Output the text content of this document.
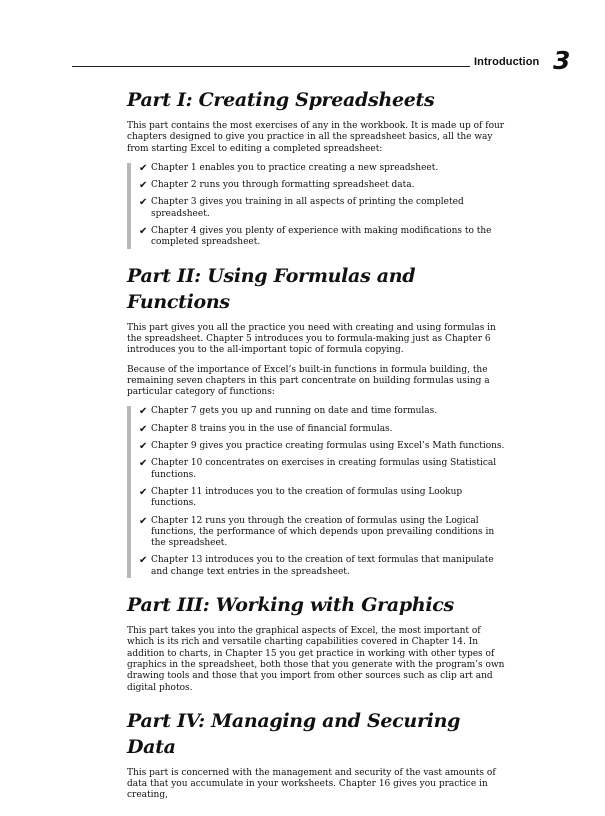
Introduction 3
Part I: Creating Spreadsheets

This part contains the most exercises of any in the workbook. It is made up of four chapters designed to give you practice in all the spreadsheet basics, all the way from starting Excel to editing a completed spreadsheet:

✔ Chapter 1 enables you to practice creating a new spreadsheet.
✔ Chapter 2 runs you through formatting spreadsheet data.
✔ Chapter 3 gives you training in all aspects of printing the completed spreadsheet.
✔ Chapter 4 gives you plenty of experience with making modifications to the completed spreadsheet.
Part II: Using Formulas and Functions

This part gives you all the practice you need with creating and using formulas in the spreadsheet. Chapter 5 introduces you to formula-making just as Chapter 6 introduces you to the all-important topic of formula copying.

Because of the importance of Excel’s built-in functions in formula building, the remaining seven chapters in this part concentrate on building formulas using a particular category of functions:

✔ Chapter 7 gets you up and running on date and time formulas.
✔ Chapter 8 trains you in the use of financial formulas.
✔ Chapter 9 gives you practice creating formulas using Excel’s Math functions.
✔ Chapter 10 concentrates on exercises in creating formulas using Statistical functions.
✔ Chapter 11 introduces you to the creation of formulas using Lookup functions.
✔ Chapter 12 runs you through the creation of formulas using the Logical functions, the performance of which depends upon prevailing conditions in the spreadsheet.
✔ Chapter 13 introduces you to the creation of text formulas that manipulate and change text entries in the spreadsheet.
Part III: Working with Graphics

This part takes you into the graphical aspects of Excel, the most important of which is its rich and versatile charting capabilities covered in Chapter 14. In addition to charts, in Chapter 15 you get practice in working with other types of graphics in the spreadsheet, both those that you generate with the program’s own drawing tools and those that you import from other sources such as clip art and digital photos.

Part IV: Managing and Securing Data

This part is concerned with the management and security of the vast amounts of data that you accumulate in your worksheets. Chapter 16 gives you practice in creating,
